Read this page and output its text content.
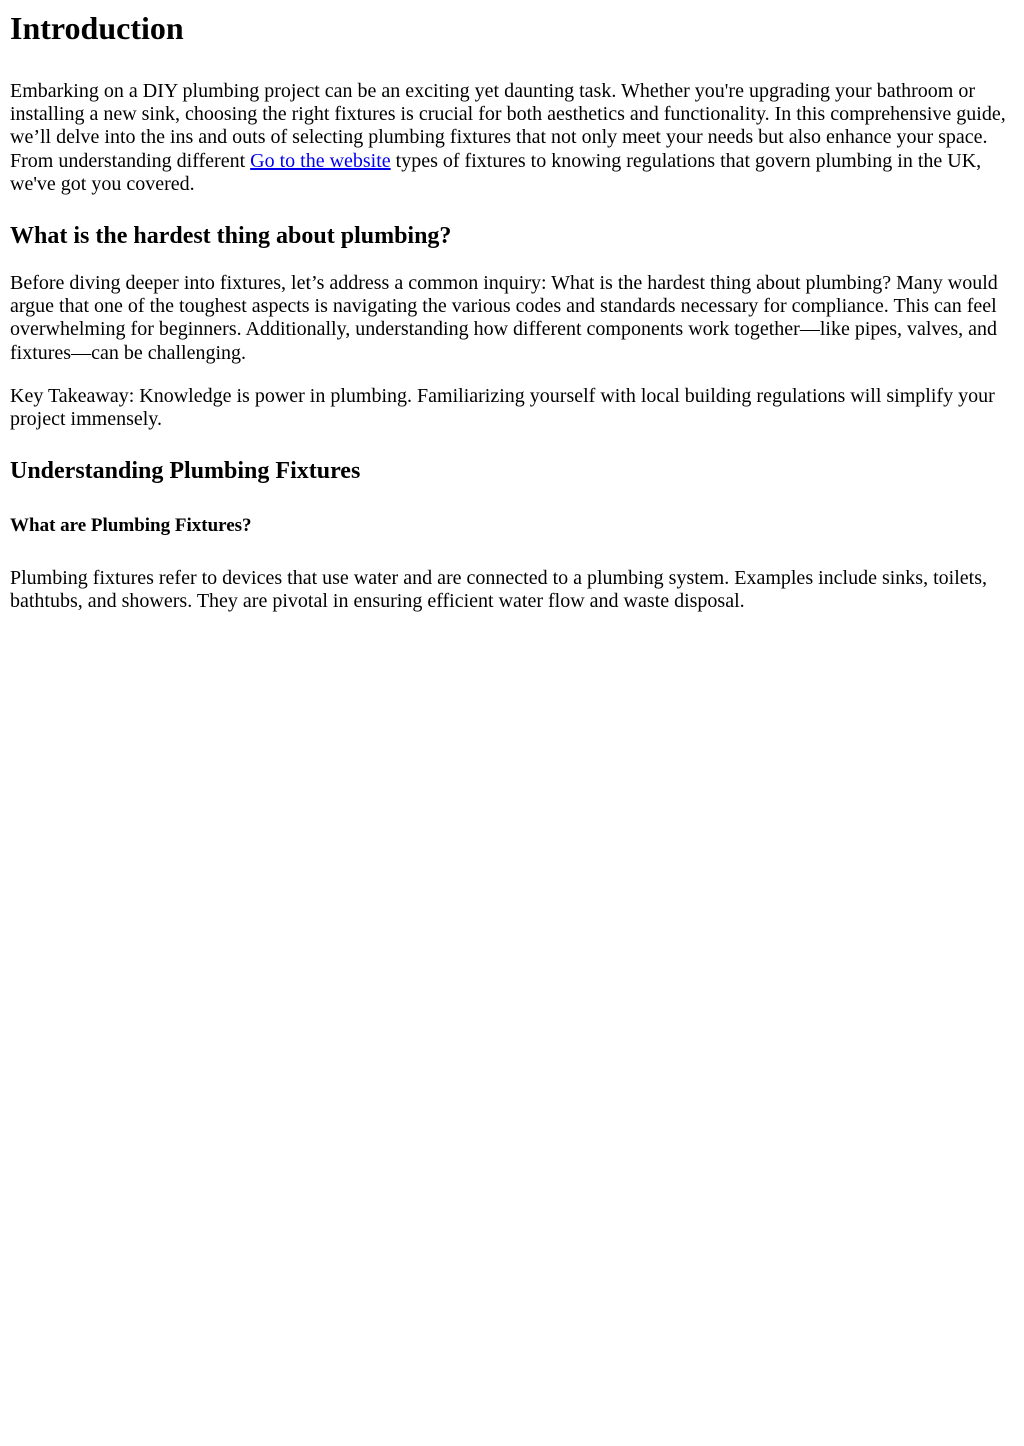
Introduction

Embarking on a DIY plumbing project can be an exciting yet daunting task. Whether you're upgrading your bathroom or installing a new sink, choosing the right fixtures is crucial for both aesthetics and functionality. In this comprehensive guide, we’ll delve into the ins and outs of selecting plumbing fixtures that not only meet your needs but also enhance your space. From understanding different Go to the website types of fixtures to knowing regulations that govern plumbing in the UK, we've got you covered.

What is the hardest thing about plumbing?

Before diving deeper into fixtures, let’s address a common inquiry: What is the hardest thing about plumbing? Many would argue that one of the toughest aspects is navigating the various codes and standards necessary for compliance. This can feel overwhelming for beginners. Additionally, understanding how different components work together—like pipes, valves, and fixtures—can be challenging.

Key Takeaway: Knowledge is power in plumbing. Familiarizing yourself with local building regulations will simplify your project immensely.

Understanding Plumbing Fixtures
What are Plumbing Fixtures?

Plumbing fixtures refer to devices that use water and are connected to a plumbing system. Examples include sinks, toilets, bathtubs, and showers. They are pivotal in ensuring efficient water flow and waste disposal.
